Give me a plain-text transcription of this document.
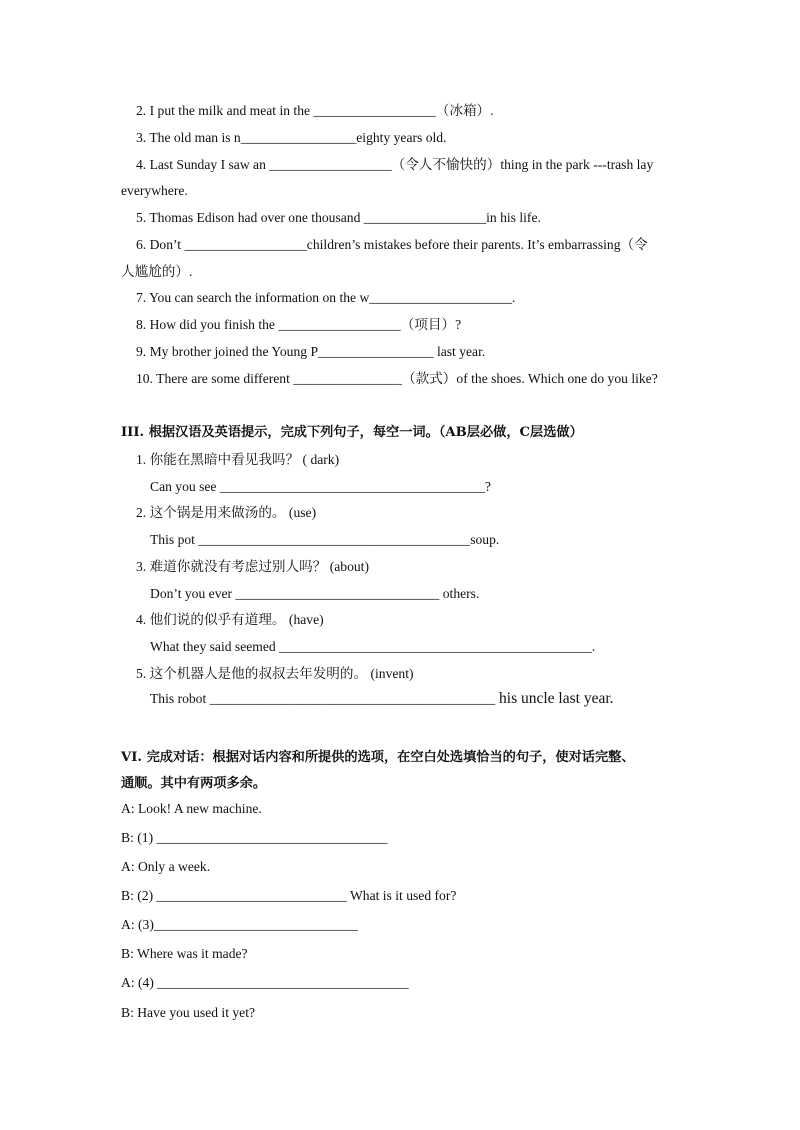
2. I put the milk and meat in the __________________（冰箱）.
3. The old man is n_________________eighty years old.
4. Last Sunday I saw an __________________（令人不愉快的）thing in the park ---trash lay
everywhere.
5. Thomas Edison had over one thousand __________________in his life.
6. Don’t __________________children’s mistakes before their parents. It’s embarrassing（令
人尴尬的）.
7. You can search the information on the w_____________________.
8. How did you finish the __________________（项目）?
9. My brother joined the Young P_________________ last year.
10. There are some different ________________（款式）of the shoes. Which one do you like?
III. 根据汉语及英语提示，完成下列句子，每空一词。（AB层必做，C层选做）
1. 你能在黑暗中看见我吗？ ( dark)
Can you see _______________________________________?
2. 这个锅是用来做汤的。 (use)
This pot ________________________________________soup.
3. 难道你就没有考虑过别人吗？ (about)
Don’t you ever ______________________________ others.
4. 他们说的似乎有道理。 (have)
What they said seemed ______________________________________________.
5. 这个机器人是他的叔叔去年发明的。 (invent)
This robot __________________________________________ his uncle last year.
VI. 完成对话：根据对话内容和所提供的选项，在空白处选填恰当的句子，使对话完整、
通顺。其中有两项多余。
A: Look! A new machine.
B: (1) __________________________________
A: Only a week.
B: (2) ____________________________ What is it used for?
A: (3)______________________________
B: Where was it made?
A: (4) _____________________________________
B: Have you used it yet?
